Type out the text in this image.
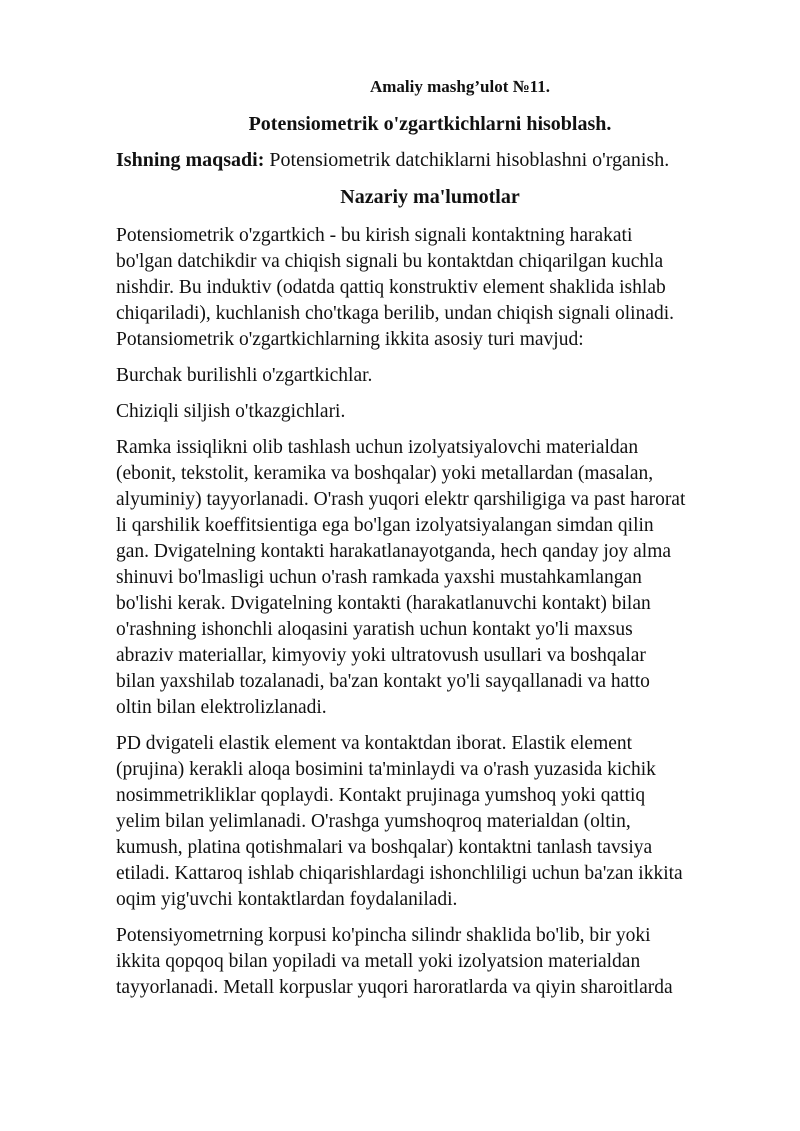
Amaliy mashg’ulot №11.
Potensiometrik o'zgartkichlarni hisoblash.
Ishning maqsadi: Potensiometrik datchiklarni hisoblashni o'rganish.
Nazariy ma'lumotlar

Potensiometrik o'zgartkich - bu kirish signali kontaktning harakati
bo'lgan datchikdir va chiqish signali bu kontaktdan chiqarilgan kuchla
nishdir. Bu induktiv (odatda qattiq konstruktiv element shaklida ishlab
chiqariladi), kuchlanish cho'tkaga berilib, undan chiqish signali olinadi.
Potansiometrik o'zgartkichlarning ikkita asosiy turi mavjud:

Burchak burilishli o'zgartkichlar.

Chiziqli siljish o'tkazgichlari.

Ramka issiqlikni olib tashlash uchun izolyatsiyalovchi materialdan
(ebonit, tekstolit, keramika va boshqalar) yoki metallardan (masalan,
alyuminiy) tayyorlanadi. O'rash yuqori elektr qarshiligiga va past harorat
li qarshilik koeffitsientiga ega bo'lgan izolyatsiyalangan simdan qilin
gan. Dvigatelning kontakti harakatlanayotganda, hech qanday joy alma
shinuvi bo'lmasligi uchun o'rash ramkada yaxshi mustahkamlangan
bo'lishi kerak. Dvigatelning kontakti (harakatlanuvchi kontakt) bilan
o'rashning ishonchli aloqasini yaratish uchun kontakt yo'li maxsus
abraziv materiallar, kimyoviy yoki ultratovush usullari va boshqalar
bilan yaxshilab tozalanadi, ba'zan kontakt yo'li sayqallanadi va hatto
oltin bilan elektrolizlanadi.

PD dvigateli elastik element va kontaktdan iborat. Elastik element
(prujina) kerakli aloqa bosimini ta'minlaydi va o'rash yuzasida kichik
nosimmetrikliklar qoplaydi. Kontakt prujinaga yumshoq yoki qattiq
yelim bilan yelimlanadi. O'rashga yumshoqroq materialdan (oltin,
kumush, platina qotishmalari va boshqalar) kontaktni tanlash tavsiya
etiladi. Kattaroq ishlab chiqarishlardagi ishonchliligi uchun ba'zan ikkita
oqim yig'uvchi kontaktlardan foydalaniladi.

Potensiyometrning korpusi ko'pincha silindr shaklida bo'lib, bir yoki
ikkita qopqoq bilan yopiladi va metall yoki izolyatsion materialdan
tayyorlanadi. Metall korpuslar yuqori haroratlarda va qiyin sharoitlarda
